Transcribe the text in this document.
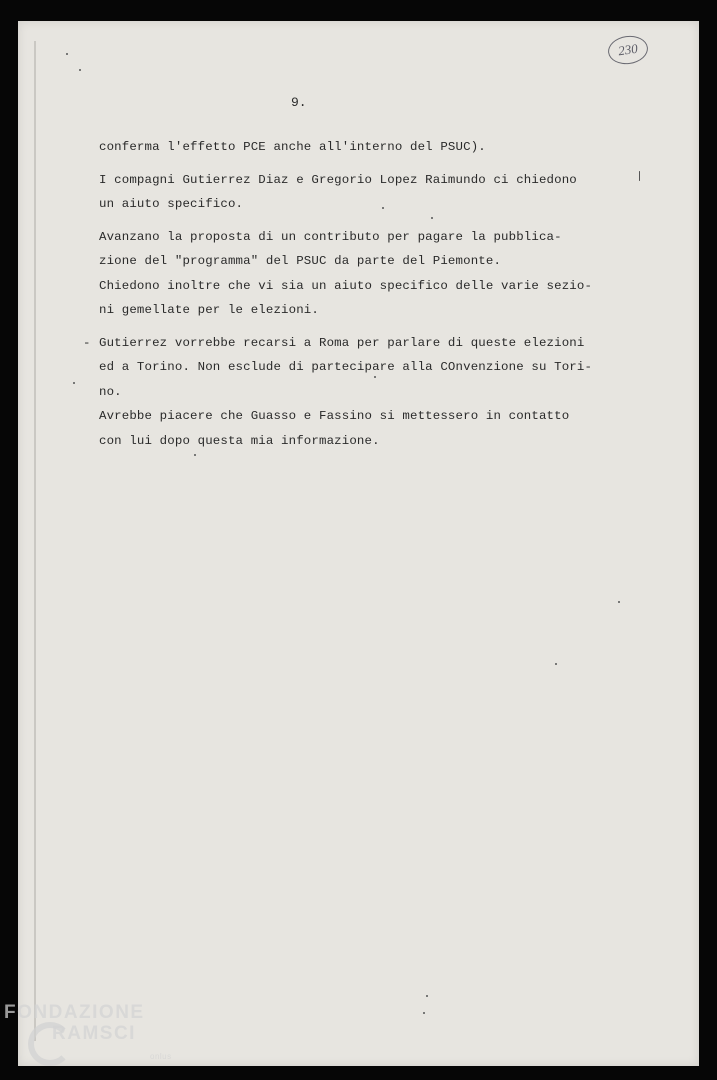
230
9.
conferma l'effetto PCE anche all'interno del PSUC).
I compagni Gutierrez Diaz e Gregorio Lopez Raimundo ci chiedono
un aiuto specifico.
Avanzano la proposta di un contributo per pagare la pubblica-
zione del "programma" del PSUC da parte del Piemonte.
Chiedono inoltre che vi sia un aiuto specifico delle varie sezio-
ni gemellate per le elezioni.
- Gutierrez vorrebbe recarsi a Roma per parlare di queste elezioni
ed a Torino. Non esclude di partecipare alla COnvenzione su Tori-
no.
Avrebbe piacere che Guasso e Fassino si mettessero in contatto
con lui dopo questa mia informazione.
FONDAZIONE
RAMSCI
onlus
